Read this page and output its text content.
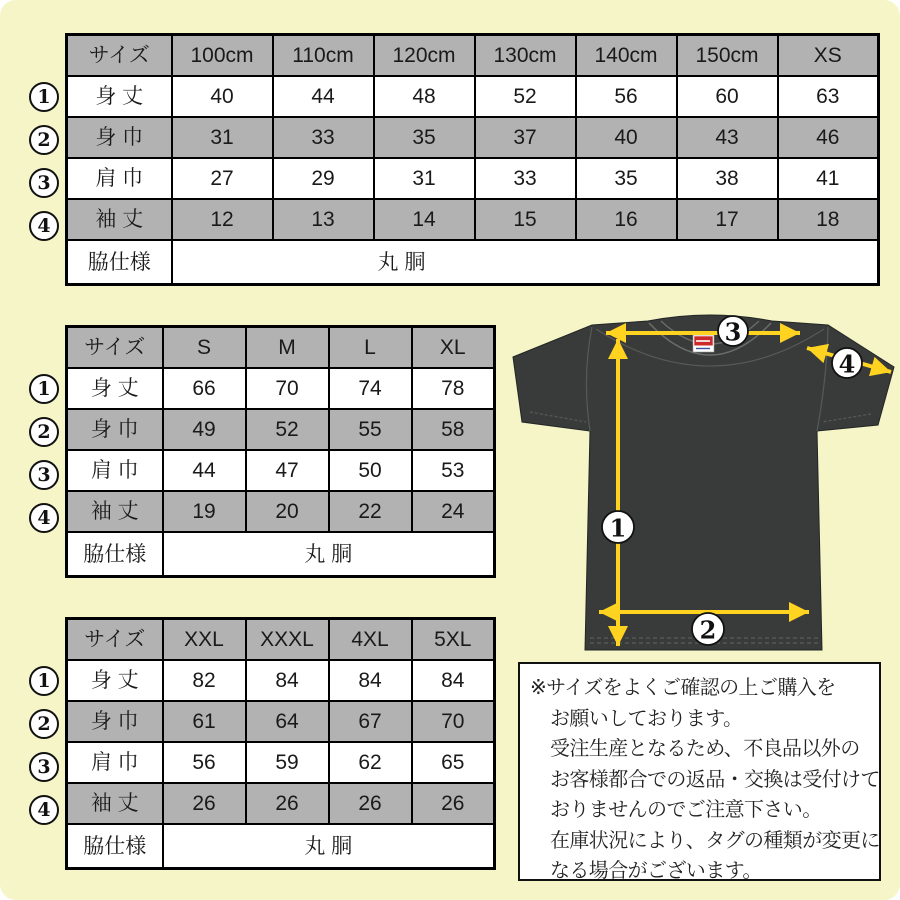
1
2
3
4
※サイズをよくご確認の上ご購入を
お願いしております。
受注生産となるため、不良品以外の
お客様都合での返品・交換は受付けて
おりませんのでご注意下さい。
在庫状況により、タグの種類が変更に
なる場合がございます。
1
2
3
4
サイズ	100cm	110cm	120cm	130cm	140cm	150cm	XS
身 丈	40	44	48	52	56	60	63
身 巾	31	33	35	37	40	43	46
肩 巾	27	29	31	33	35	38	41
袖 丈	12	13	14	15	16	17	18
脇仕様	丸 胴						
1
2
3
4
サイズ	S	M	L	XL
身 丈	66	70	74	78
身 巾	49	52	55	58
肩 巾	44	47	50	53
袖 丈	19	20	22	24
脇仕様	丸 胴			
1
2
3
4
サイズ	XXL	XXXL	4XL	5XL
身 丈	82	84	84	84
身 巾	61	64	67	70
肩 巾	56	59	62	65
袖 丈	26	26	26	26
脇仕様	丸 胴			
